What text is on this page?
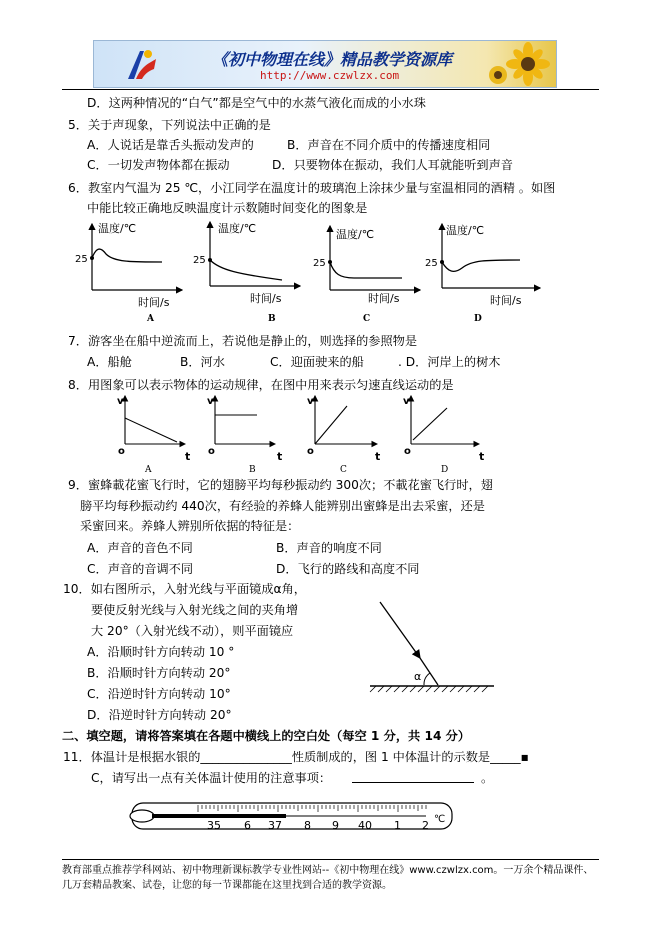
《初中物理在线》精品教学资源库
http://www.czwlzx.com
D．这两种情况的“白气”都是空气中的水蒸气液化而成的小水珠
5．关于声现象，下列说法中正确的是
A．人说话是靠舌头振动发声的	B．声音在不同介质中的传播速度相同
C．一切发声物体都在振动	D．只要物体在振动，我们人耳就能听到声音
6．教室内气温为 25 ℃，小江同学在温度计的玻璃泡上涂抹少量与室温相同的酒精 。如图
中能比较正确地反映温度计示数随时间变化的图象是
温度/℃
25
时间/s
温度/℃
25
时间/s
温度/℃
25
时间/s
温度/℃
25
时间/s
A	B	C	D
7．游客坐在船中逆流而上，若说他是静止的，则选择的参照物是
A．船舱	B．河水	C．迎面驶来的船	. D．河岸上的树木
8．用图象可以表示物体的运动规律，在图中用来表示匀速直线运动的是
v
o	t
v
o	t
v
o	t
v
o	t
A	B	C	D
9．蜜蜂載花蜜飞行时，它的翅膀平均每秒振动约 300次；不載花蜜飞行时，翅
膀平均每秒振动约 440次，有经验的养蜂人能辨别出蜜蜂是出去采蜜，还是
采蜜回来。养蜂人辨别所依据的特征是：
A．声音的音色不同	B．声音的响度不同
C．声音的音调不同	D．飞行的路线和高度不同
10．如右图所示，入射光线与平面镜成α角，
要使反射光线与入射光线之间的夹角增
大 20°（入射光线不动），则平面镜应
A．沿顺时针方向转动 10 °
B．沿顺时针方向转动 20°
C．沿逆时针方向转动 10°
D．沿逆时针方向转动 20°
α
二、填空题，请将答案填在各题中横线上的空白处（每空 1 分，共 14 分）
11．体温计是根据水银的_______________性质制成的，图 1 中体温计的示数是_____▪
C，请写出一点有关体温计使用的注意事项：	。
35 6 37 8 9 40 1 2 ℃
教育部重点推荐学科网站、初中物理新课标教学专业性网站--《初中物理在线》www.czwlzx.com。一万余个精品课件、
几万套精品教案、试卷，让您的每一节课都能在这里找到合适的教学资源。
